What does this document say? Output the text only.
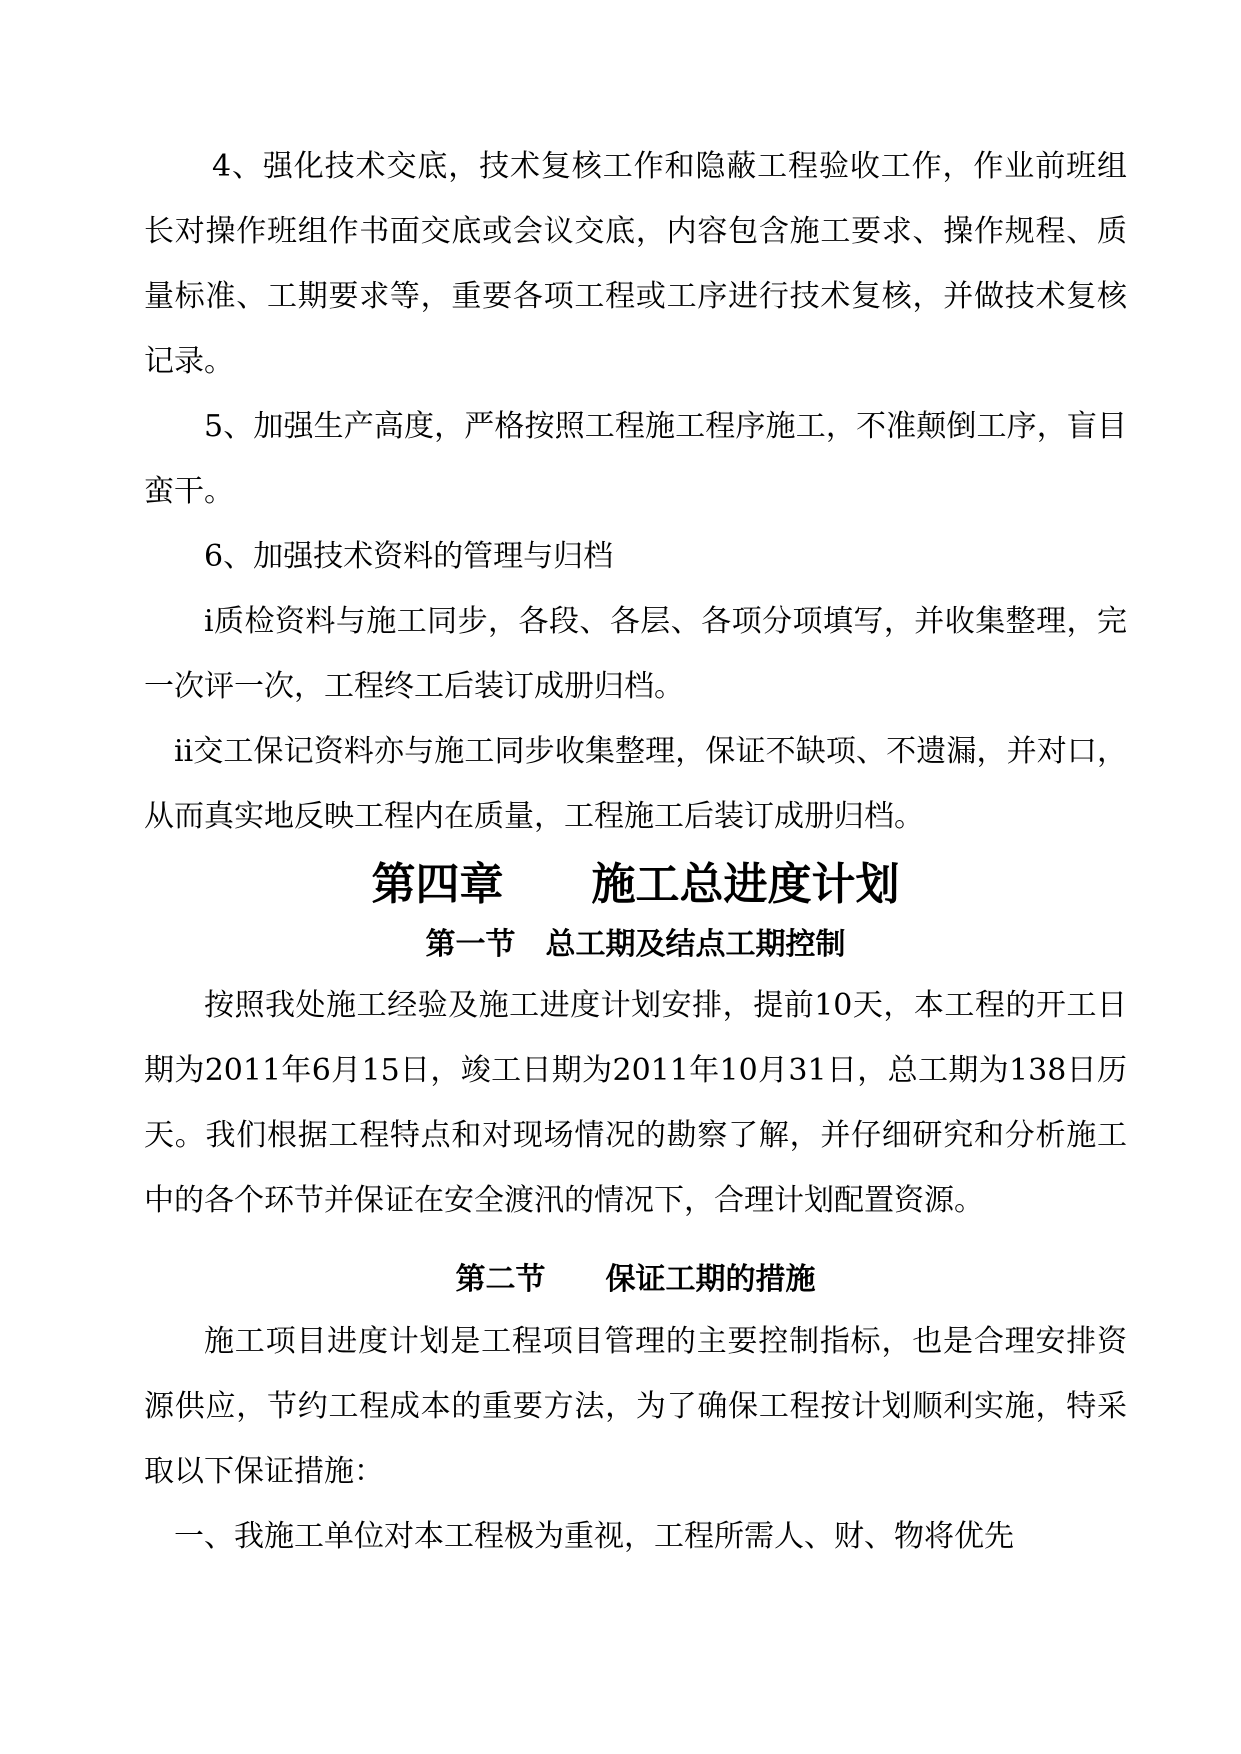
4、强化技术交底，技术复核工作和隐蔽工程验收工作，作业前班组长对操作班组作书面交底或会议交底，内容包含施工要求、操作规程、质量标准、工期要求等，重要各项工程或工序进行技术复核，并做技术复核记录。

5、加强生产高度，严格按照工程施工程序施工，不准颠倒工序，盲目蛮干。

6、加强技术资料的管理与归档

ⅰ质检资料与施工同步，各段、各层、各项分项填写，并收集整理，完一次评一次，工程终工后装订成册归档。

ⅱ交工保记资料亦与施工同步收集整理，保证不缺项、不遗漏，并对口，从而真实地反映工程内在质量，工程施工后装订成册归档。

第四章　　施工总进度计划
第一节　总工期及结点工期控制

按照我处施工经验及施工进度计划安排，提前10天，本工程的开工日期为2011年6月15日，竣工日期为2011年10月31日，总工期为138日历天。我们根据工程特点和对现场情况的勘察了解，并仔细研究和分析施工中的各个环节并保证在安全渡汛的情况下，合理计划配置资源。

第二节　　保证工期的措施

施工项目进度计划是工程项目管理的主要控制指标，也是合理安排资源供应，节约工程成本的重要方法，为了确保工程按计划顺利实施，特采取以下保证措施：

一、我施工单位对本工程极为重视，工程所需人、财、物将优先
